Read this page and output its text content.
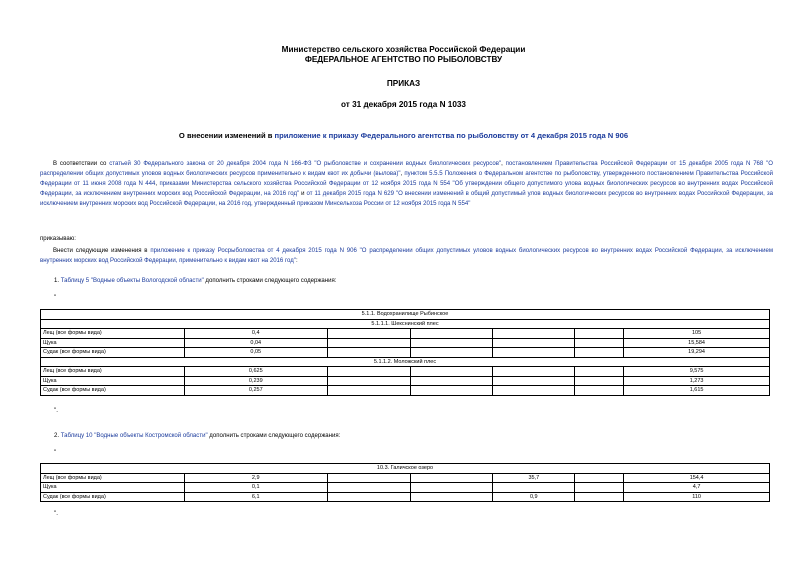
Министерство сельского хозяйства Российской Федерации
ФЕДЕРАЛЬНОЕ АГЕНТСТВО ПО РЫБОЛОВСТВУ
ПРИКАЗ
от 31 декабря 2015 года N 1033
О внесении изменений в приложение к приказу Федерального агентства по рыболовству от 4 декабря 2015 года N 906
В соответствии со статьей 30 Федерального закона от 20 декабря 2004 года N 166-ФЗ "О рыболовстве и сохранении водных биологических ресурсов", постановлением Правительства Российской Федерации от 15 декабря 2005 года N 768 "О распределении общих допустимых уловов водных биологических ресурсов применительно к видам квот их добычи (вылова)", пунктом 5.5.5 Положения о Федеральном агентстве по рыболовству, утвержденного постановлением Правительства Российской Федерации от 11 июня 2008 года N 444, приказами Министерства сельского хозяйства Российской Федерации от 12 ноября 2015 года N 554 "Об утверждении общего допустимого улова водных биологических ресурсов во внутренних водах Российской Федерации, за исключением внутренних морских вод Российской Федерации, на 2016 год" и от 11 декабря 2015 года N 629 "О внесении изменений в общий допустимый улов водных биологических ресурсов во внутренних водах Российской Федерации, за исключением внутренних морских вод Российской Федерации, на 2016 год, утвержденный приказом Минсельхоза России от 12 ноября 2015 года N 554"
приказываю:
Внести следующие изменения в приложение к приказу Росрыболовства от 4 декабря 2015 года N 906 "О распределении общих допустимых уловов водных биологических ресурсов во внутренних водах Российской Федерации, за исключением внутренних морских вод Российской Федерации, применительно к видам квот на 2016 год":
1. Таблицу 5 "Водные объекты Вологодской области" дополнить строками следующего содержания:
"
5.1.1. Водохранилище Рыбинское						
5.1.1.1. Шекснинский плес						
Лещ (все формы вида)	0,4					105
Щука	0,04					15,584
Судак (все формы вида)	0,05					19,294
5.1.1.2. Моложский плес						
Лещ (все формы вида)	0,625					9,575
Щука	0,239					1,273
Судак (все формы вида)	0,257					1,615
".
2. Таблицу 10 "Водные объекты Костромской области" дополнить строками следующего содержания:
"
10.3. Галичское озеро						
Лещ (все формы вида)	2,9			35,7		154,4
Щука	0,1					4,7
Судак (все формы вида)	6,1			0,9		110
".
